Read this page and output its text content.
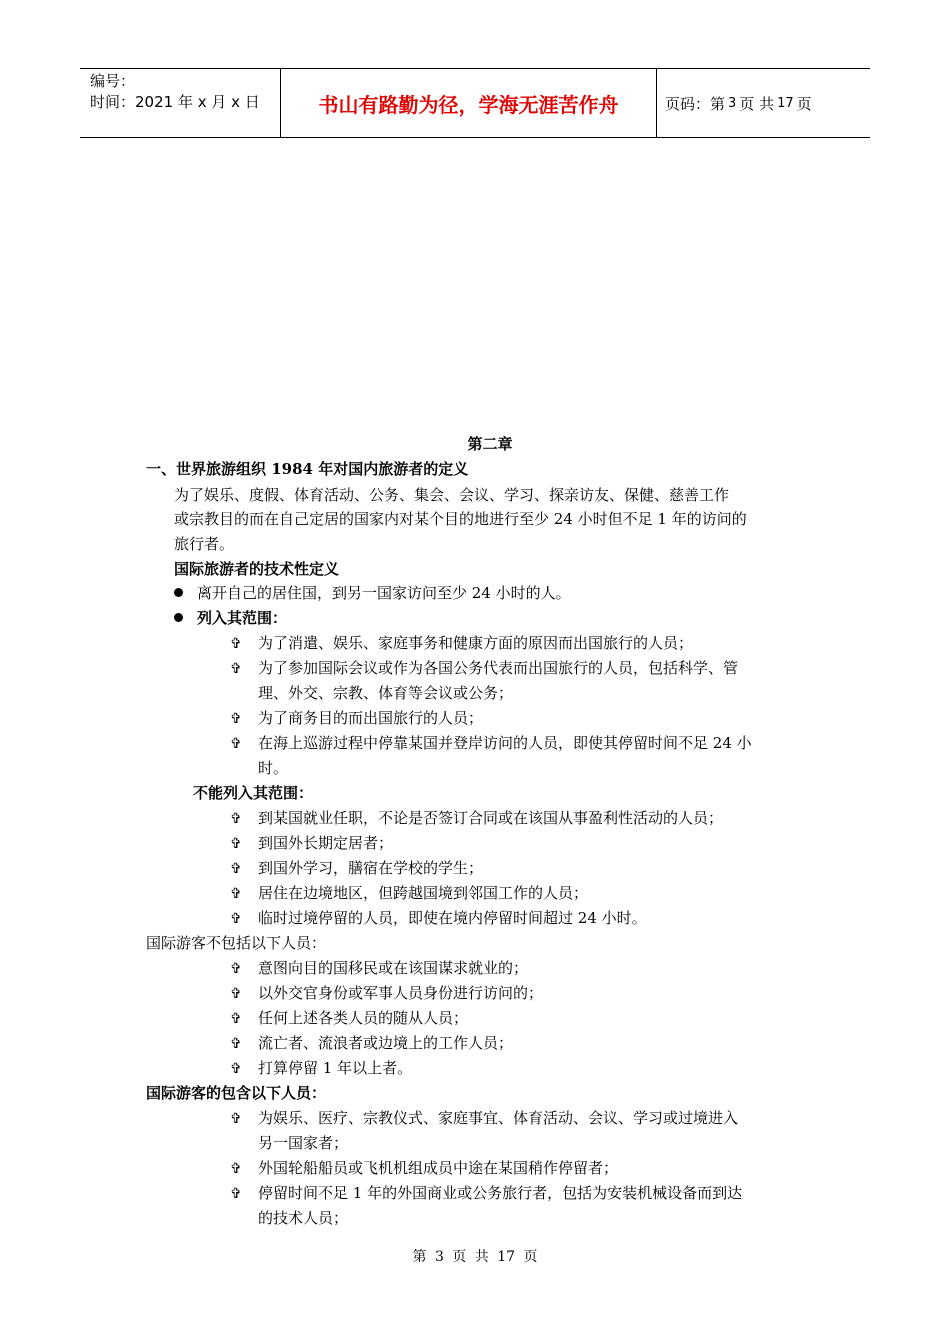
编号：
时间：2021 年 x 月 x 日	书山有路勤为径，学海无涯苦作舟	页码：第 3 页 共 17 页
第二章
一、世界旅游组织 1984 年对国内旅游者的定义
为了娱乐、度假、体育活动、公务、集会、会议、学习、探亲访友、保健、慈善工作
或宗教目的而在自己定居的国家内对某个目的地进行至少 24 小时但不足 1 年的访问的
旅行者。
国际旅游者的技术性定义
离开自己的居住国，到另一国家访问至少 24 小时的人。
列入其范围：
✞ 为了消遣、娱乐、家庭事务和健康方面的原因而出国旅行的人员；
✞ 为了参加国际会议或作为各国公务代表而出国旅行的人员，包括科学、管
理、外交、宗教、体育等会议或公务；
✞ 为了商务目的而出国旅行的人员；
✞ 在海上巡游过程中停靠某国并登岸访问的人员，即使其停留时间不足 24 小
时。
不能列入其范围：
✞ 到某国就业任职，不论是否签订合同或在该国从事盈利性活动的人员；
✞ 到国外长期定居者；
✞ 到国外学习，膳宿在学校的学生；
✞ 居住在边境地区，但跨越国境到邻国工作的人员；
✞ 临时过境停留的人员，即使在境内停留时间超过 24 小时。
国际游客不包括以下人员：
✞ 意图向目的国移民或在该国谋求就业的；
✞ 以外交官身份或军事人员身份进行访问的；
✞ 任何上述各类人员的随从人员；
✞ 流亡者、流浪者或边境上的工作人员；
✞ 打算停留 1 年以上者。
国际游客的包含以下人员：
✞ 为娱乐、医疗、宗教仪式、家庭事宜、体育活动、会议、学习或过境进入
另一国家者；
✞ 外国轮船船员或飞机机组成员中途在某国稍作停留者；
✞ 停留时间不足 1 年的外国商业或公务旅行者，包括为安装机械设备而到达
的技术人员；
第 3 页 共 17 页
